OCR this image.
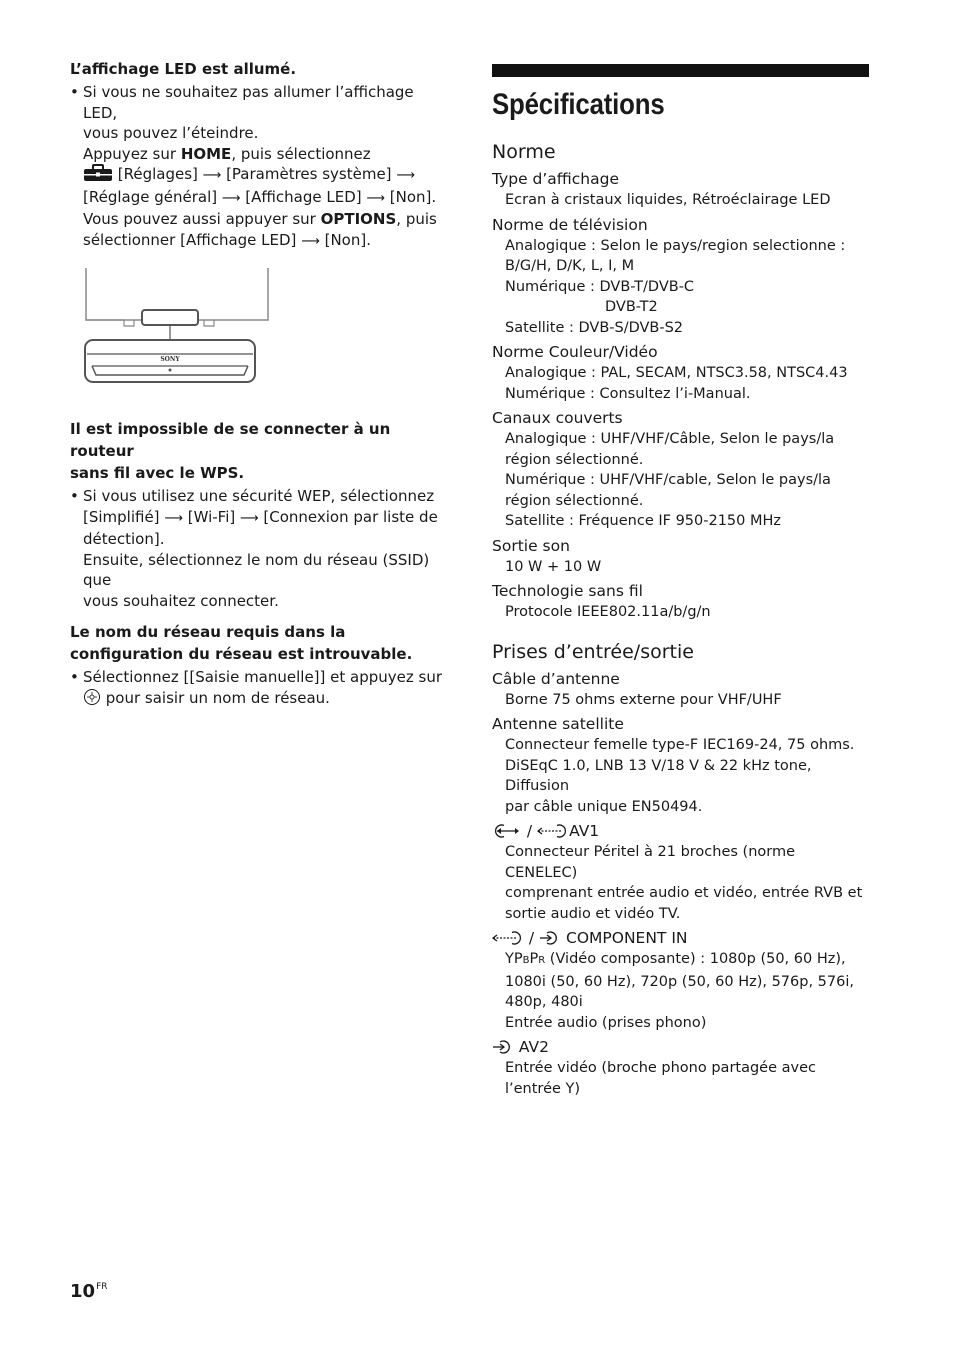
L’affichage LED est allumé.

• Si vous ne souhaitez pas allumer l’affichage LED,

vous pouvez l’éteindre.

Appuyez sur HOME, puis sélectionnez

[Réglages] ⟶ [Paramètres système] ⟶

[Réglage général] ⟶ [Affichage LED] ⟶ [Non].

Vous pouvez aussi appuyer sur OPTIONS, puis

sélectionner [Affichage LED] ⟶ [Non].

SONY

Il est impossible de se connecter à un routeur
sans fil avec le WPS.

• Si vous utilisez une sécurité WEP, sélectionnez

[Simplifié] ⟶ [Wi-Fi] ⟶ [Connexion par liste de

détection].

Ensuite, sélectionnez le nom du réseau (SSID) que

vous souhaitez connecter.

Le nom du réseau requis dans la
configuration du réseau est introuvable.

• Sélectionnez [[Saisie manuelle]] et appuyez sur

pour saisir un nom de réseau.

Spécifications
Norme

Type d’affichage

Ecran à cristaux liquides, Rétroéclairage LED

Norme de télévision

Analogique : Selon le pays/region selectionne :

B/G/H, D/K, L, I, M

Numérique : DVB-T/DVB-C

DVB-T2

Satellite : DVB-S/DVB-S2

Norme Couleur/Vidéo

Analogique : PAL, SECAM, NTSC3.58, NTSC4.43

Numérique : Consultez l’i-Manual.

Canaux couverts

Analogique : UHF/VHF/Câble, Selon le pays/la

région sélectionné.

Numérique : UHF/VHF/cable, Selon le pays/la

région sélectionné.

Satellite : Fréquence IF 950-2150 MHz

Sortie son

10 W + 10 W

Technologie sans fil

Protocole IEEE802.11a/b/g/n

Prises d’entrée/sortie

Câble d’antenne

Borne 75 ohms externe pour VHF/UHF

Antenne satellite

Connecteur femelle type-F IEC169-24, 75 ohms.

DiSEqC 1.0, LNB 13 V/18 V & 22 kHz tone, Diffusion

par câble unique EN50494.

/ AV1

Connecteur Péritel à 21 broches (norme CENELEC)

comprenant entrée audio et vidéo, entrée RVB et

sortie audio et vidéo TV.

/  COMPONENT IN

YPBPR (Vidéo composante) : 1080p (50, 60 Hz),

1080i (50, 60 Hz), 720p (50, 60 Hz), 576p, 576i,

480p, 480i

Entrée audio (prises phono)

AV2

Entrée vidéo (broche phono partagée avec

l’entrée Y)

$10^{FR}$
